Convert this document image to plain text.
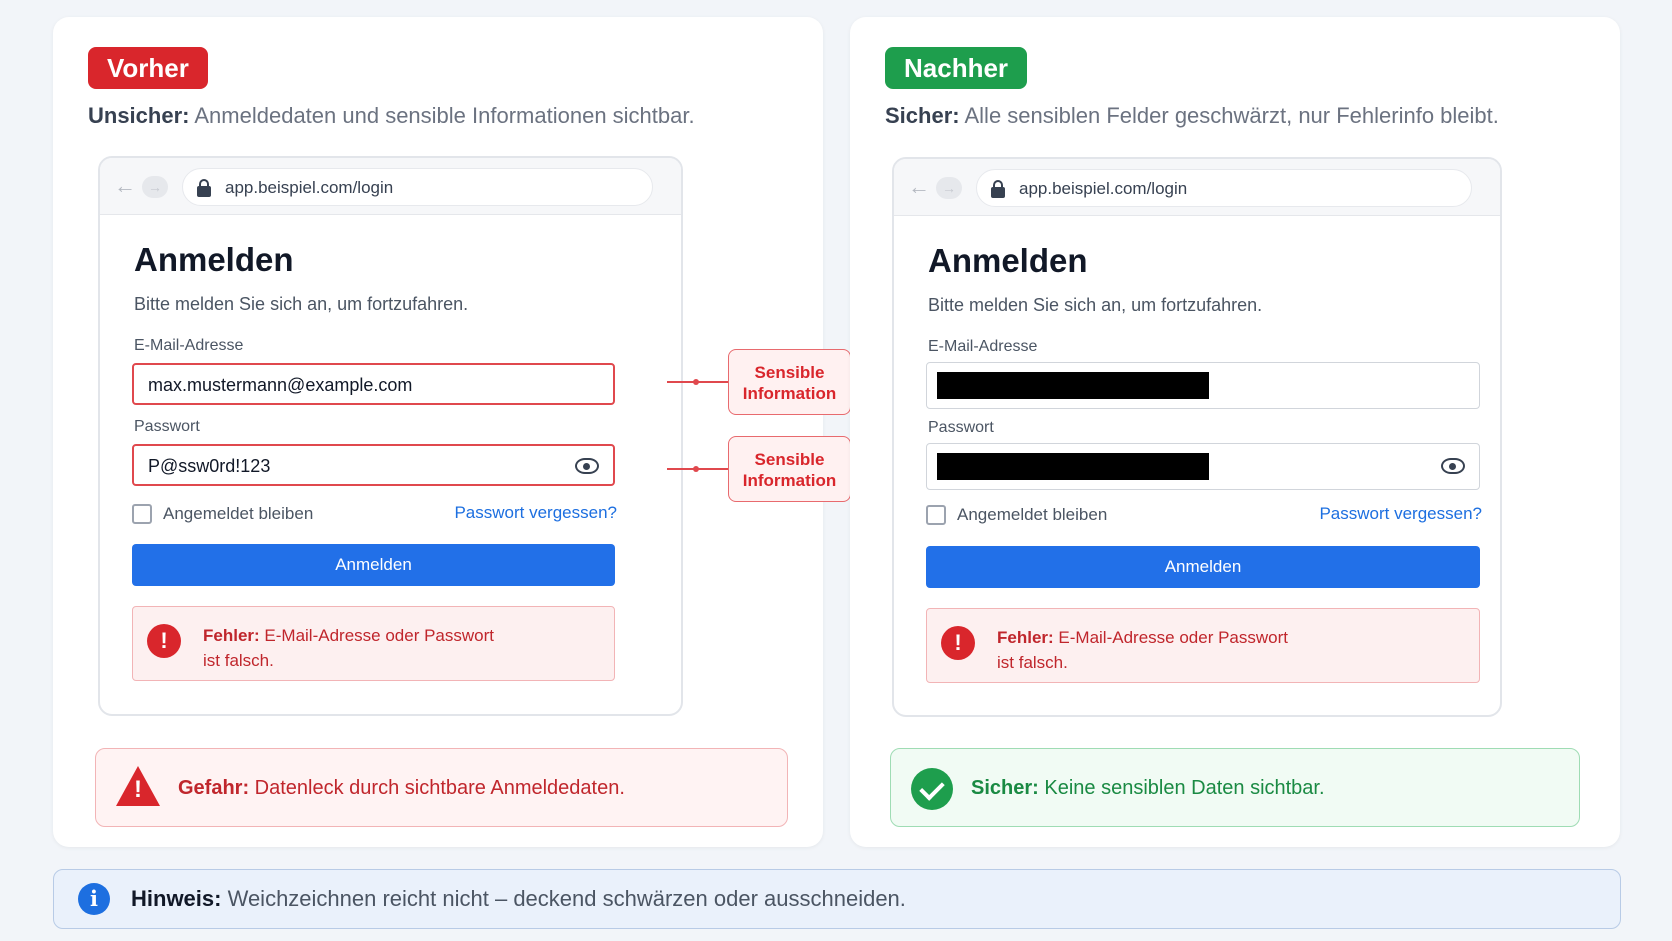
Vorher
Unsicher: Anmeldedaten und sensible Informationen sichtbar.
← →	app.beispiel.com/login
Anmelden
Bitte melden Sie sich an, um fortzufahren.
E-Mail-Adresse
max.mustermann@example.com
Passwort
P@ssw0rd!123
Angemeldet bleiben	Passwort vergessen?
Anmelden
!	Fehler: E-Mail-Adresse oder Passwort
ist falsch.
Sensible
Information
Sensible
Information
! Gefahr: Datenleck durch sichtbare Anmeldedaten.
Nachher
Sicher: Alle sensiblen Felder geschwärzt, nur Fehlerinfo bleibt.
← →	app.beispiel.com/login
Anmelden
Bitte melden Sie sich an, um fortzufahren.
E-Mail-Adresse
Passwort
Angemeldet bleiben	Passwort vergessen?
Anmelden
!	Fehler: E-Mail-Adresse oder Passwort
ist falsch.
Sicher: Keine sensiblen Daten sichtbar.
i	Hinweis: Weichzeichnen reicht nicht – deckend schwärzen oder ausschneiden.
